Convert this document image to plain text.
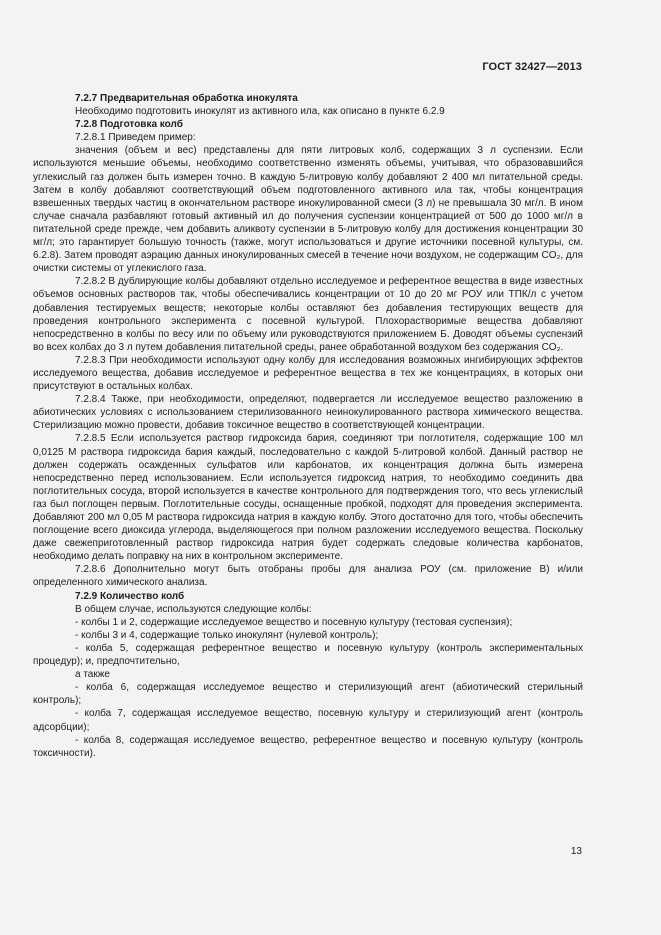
ГОСТ 32427—2013
7.2.7 Предварительная обработка инокулята

Необходимо подготовить инокулят из активного ила, как описано в пункте 6.2.9

7.2.8 Подготовка колб

7.2.8.1 Приведем пример:

значения (объем и вес) представлены для пяти литровых колб, содержащих 3 л суспензии. Если используются меньшие объемы, необходимо соответственно изменять объемы, учитывая, что образовавшийся углекислый газ должен быть измерен точно. В каждую 5-литровую колбу добавляют 2 400 мл питательной среды. Затем в колбу добавляют соответствующий объем подготовленного активного ила так, чтобы концентрация взвешенных твердых частиц в окончательном растворе инокулированной смеси (3 л) не превышала 30 мг/л. В ином случае сначала разбавляют готовый активный ил до получения суспензии концентрацией от 500 до 1000 мг/л в питательной среде прежде, чем добавить аликвоту суспензии в 5-литровую колбу для достижения концентрации 30 мг/л; это гарантирует большую точность (также, могут использоваться и другие источники посевной культуры, см. 6.2.8). Затем проводят аэрацию данных инокулированных смесей в течение ночи воздухом, не содержащим CO₂, для очистки системы от углекислого газа.

7.2.8.2 В дублирующие колбы добавляют отдельно исследуемое и референтное вещества в виде известных объемов основных растворов так, чтобы обеспечивались концентрации от 10 до 20 мг РОУ или ТПК/л с учетом добавления тестируемых веществ; некоторые колбы оставляют без добавления тестирующих веществ для проведения контрольного эксперимента с посевной культурой. Плохорастворимые вещества добавляют непосредственно в колбы по весу или по объему или руководствуются приложением Б. Доводят объемы суспензий во всех колбах до 3 л путем добавления питательной среды, ранее обработанной воздухом без содержания CO₂.

7.2.8.3 При необходимости используют одну колбу для исследования возможных ингибирующих эффектов исследуемого вещества, добавив исследуемое и референтное вещества в тех же концентрациях, в которых они присутствуют в остальных колбах.

7.2.8.4 Также, при необходимости, определяют, подвергается ли исследуемое вещество разложению в абиотических условиях с использованием стерилизованного неинокулированного раствора химического вещества. Стерилизацию можно провести, добавив токсичное вещество в соответствующей концентрации.

7.2.8.5 Если используется раствор гидроксида бария, соединяют три поглотителя, содержащие 100 мл 0,0125 М раствора гидроксида бария каждый, последовательно с каждой 5-литровой колбой. Данный раствор не должен содержать осажденных сульфатов или карбонатов, их концентрация должна быть измерена непосредственно перед использованием. Если используется гидроксид натрия, то необходимо соединить два поглотительных сосуда, второй используется в качестве контрольного для подтверждения того, что весь углекислый газ был поглощен первым. Поглотительные сосуды, оснащенные пробкой, подходят для проведения эксперимента. Добавляют 200 мл 0,05 М раствора гидроксида натрия в каждую колбу. Этого достаточно для того, чтобы обеспечить поглощение всего диоксида углерода, выделяющегося при полном разложении исследуемого вещества. Поскольку даже свежеприготовленный раствор гидроксида натрия будет содержать следовые количества карбонатов, необходимо делать поправку на них в контрольном эксперименте.

7.2.8.6 Дополнительно могут быть отобраны пробы для анализа РОУ (см. приложение В) и/или определенного химического анализа.

7.2.9 Количество колб

В общем случае, используются следующие колбы:

- колбы 1 и 2, содержащие исследуемое вещество и посевную культуру (тестовая суспензия);

- колбы 3 и 4, содержащие только инокулянт (нулевой контроль);

- колба 5, содержащая референтное вещество и посевную культуру (контроль экспериментальных процедур); и, предпочтительно,

а также

- колба 6, содержащая исследуемое вещество и стерилизующий агент (абиотический стерильный контроль);

- колба 7, содержащая исследуемое вещество, посевную культуру и стерилизующий агент (контроль адсорбции);

- колба 8, содержащая исследуемое вещество, референтное вещество и посевную культуру (контроль токсичности).

13
